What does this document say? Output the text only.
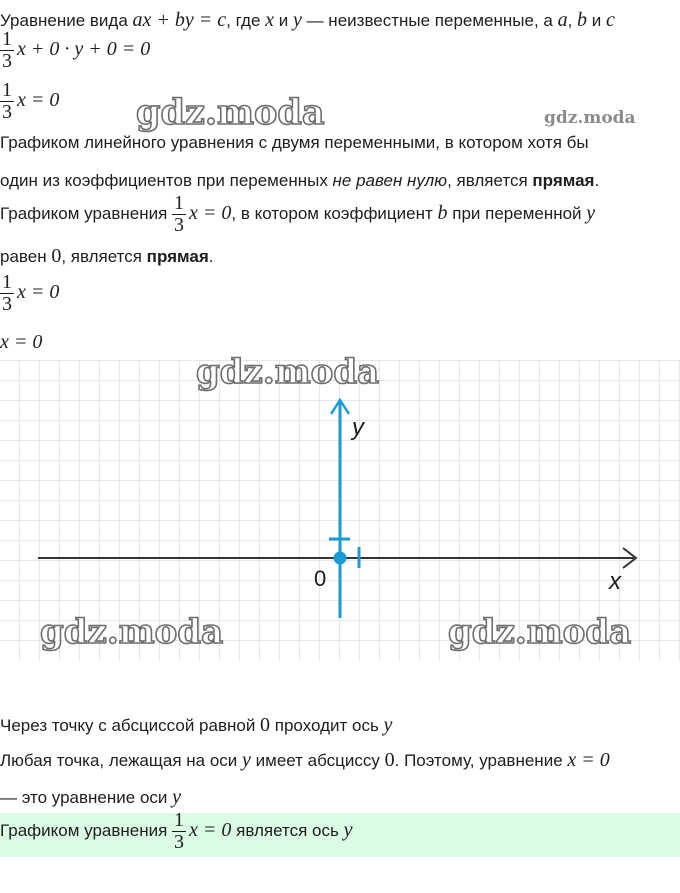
Уравнение вида ax + by = c, где x и y — неизвестные переменные, а a, b и c
$\frac{1}{3}$ x + 0 · y + 0 = 0
$\frac{1}{3}$ x = 0 gdz.moda	gdz.moda
Графиком линейного уравнения с двумя переменными, в котором хотя бы
один из коэффициентов при переменных не равен нулю, является прямая.
Графиком уравнения $\frac{1}{3}$ x = 0, в котором коэффициент b при переменной y
равен 0, является прямая.
$\frac{1}{3}$ x = 0
x = 0
y
x
0
gdz.moda
gdz.moda	gdz.moda
Через точку с абсциссой равной 0 проходит ось y
Любая точка, лежащая на оси y имеет абсциссу 0. Поэтому, уравнение x = 0
— это уравнение оси y
Графиком уравнения $\frac{1}{3}$ x = 0 является ось y
